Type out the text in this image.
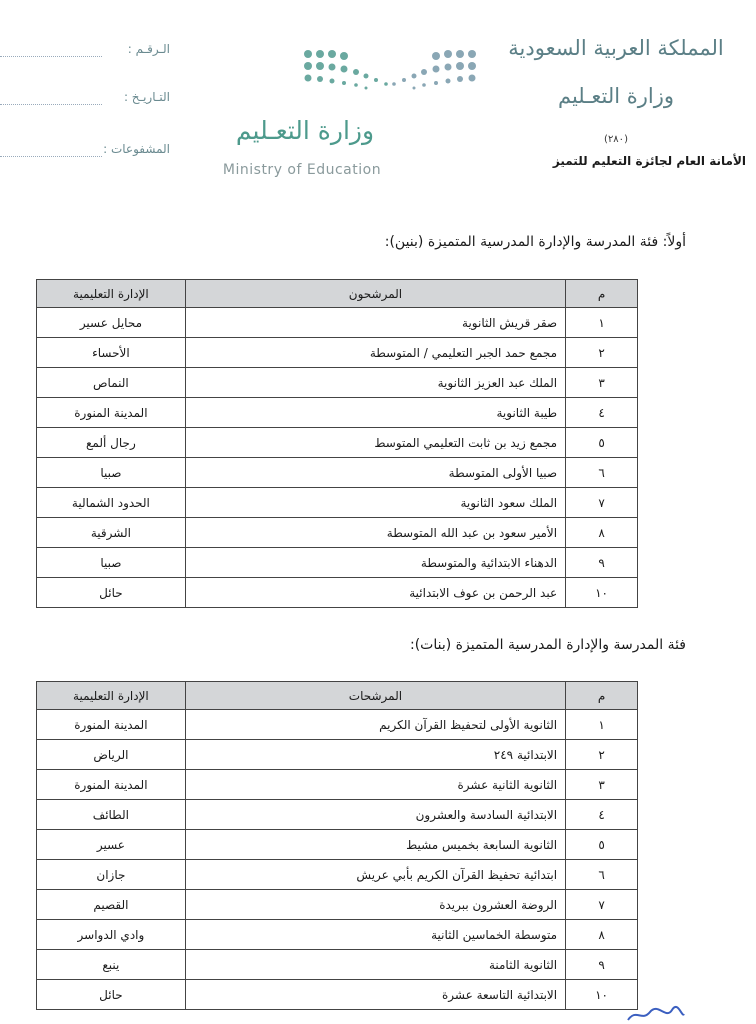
المملكة العربية السعودية
وزارة التعـليم
(٢٨٠)
الأمانة العام لجائزة التعليم للتميز
الـرقـم :
التـاريـخ :
المشفوعات :
وزارة التعـليم
Ministry of Education
أولاً: فئة المدرسة والإدارة المدرسية المتميزة (بنين):
م	المرشحون	الإدارة التعليمية
١	صقر قريش الثانوية	محايل عسير
٢	مجمع حمد الجبر التعليمي / المتوسطة	الأحساء
٣	الملك عبد العزيز الثانوية	النماص
٤	طيبة الثانوية	المدينة المنورة
٥	مجمع زيد بن ثابت التعليمي المتوسط	رجال ألمع
٦	صبيا الأولى المتوسطة	صبيا
٧	الملك سعود الثانوية	الحدود الشمالية
٨	الأمير سعود بن عبد الله المتوسطة	الشرقية
٩	الدهناء الابتدائية والمتوسطة	صبيا
١٠	عبد الرحمن بن عوف الابتدائية	حائل
فئة المدرسة والإدارة المدرسية المتميزة (بنات):
م	المرشحات	الإدارة التعليمية
١	الثانوية الأولى لتحفيظ القرآن الكريم	المدينة المنورة
٢	الابتدائية ٢٤٩	الرياض
٣	الثانوية الثانية عشرة	المدينة المنورة
٤	الابتدائية السادسة والعشرون	الطائف
٥	الثانوية السابعة بخميس مشيط	عسير
٦	ابتدائية تحفيظ القرآن الكريم بأبي عريش	جازان
٧	الروضة العشرون ببريدة	القصيم
٨	متوسطة الخماسين الثانية	وادي الدواسر
٩	الثانوية الثامنة	ينبع
١٠	الابتدائية التاسعة عشرة	حائل
